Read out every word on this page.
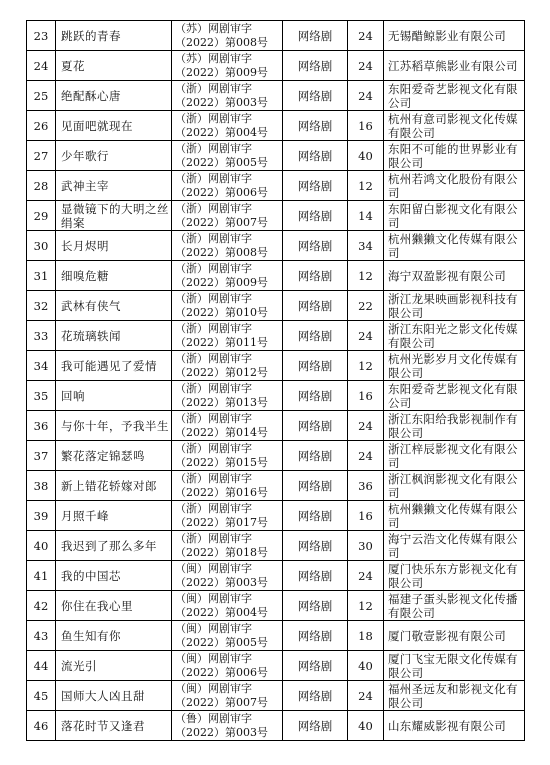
23	跳跃的青春	（苏）网剧审字
（2022）第008号	网络剧	24	无锡醋鲸影业有限公司
24	夏花	（苏）网剧审字
（2022）第009号	网络剧	24	江苏稻草熊影业有限公司
25	绝配酥心唐	（浙）网剧审字
（2022）第003号	网络剧	24	东阳爱奇艺影视文化有限公司
26	见面吧就现在	（浙）网剧审字
（2022）第004号	网络剧	16	杭州有意司影视文化传媒有限公司
27	少年歌行	（浙）网剧审字
（2022）第005号	网络剧	40	东阳不可能的世界影业有限公司
28	武神主宰	（浙）网剧审字
（2022）第006号	网络剧	12	杭州若鸿文化股份有限公司
29	显微镜下的大明之丝绢案	（浙）网剧审字
（2022）第007号	网络剧	14	东阳留白影视文化有限公司
30	长月烬明	（浙）网剧审字
（2022）第008号	网络剧	34	杭州獭獭文化传媒有限公司
31	细嗅危糖	（浙）网剧审字
（2022）第009号	网络剧	12	海宁双盈影视有限公司
32	武林有侠气	（浙）网剧审字
（2022）第010号	网络剧	22	浙江龙果映画影视科技有限公司
33	花琉璃轶闻	（浙）网剧审字
（2022）第011号	网络剧	24	浙江东阳光之影文化传媒有限公司
34	我可能遇见了爱情	（浙）网剧审字
（2022）第012号	网络剧	12	杭州光影岁月文化传媒有限公司
35	回响	（浙）网剧审字
（2022）第013号	网络剧	16	东阳爱奇艺影视文化有限公司
36	与你十年，予我半生	（浙）网剧审字
（2022）第014号	网络剧	24	浙江东阳给我影视制作有限公司
37	繁花落定锦瑟鸣	（浙）网剧审字
（2022）第015号	网络剧	24	浙江梓辰影视文化有限公司
38	新上错花轿嫁对郎	（浙）网剧审字
（2022）第016号	网络剧	36	浙江枫润影视文化有限公司
39	月照千峰	（浙）网剧审字
（2022）第017号	网络剧	16	杭州獭獭文化传媒有限公司
40	我迟到了那么多年	（浙）网剧审字
（2022）第018号	网络剧	30	海宁云浩文化传媒有限公司
41	我的中国芯	（闽）网剧审字
（2022）第003号	网络剧	24	厦门快乐东方影视文化有限公司
42	你住在我心里	（闽）网剧审字
（2022）第004号	网络剧	12	福建子蛋头影视文化传播有限公司
43	鱼生知有你	（闽）网剧审字
（2022）第005号	网络剧	18	厦门敬壹影视有限公司
44	流光引	（闽）网剧审字
（2022）第006号	网络剧	40	厦门飞宝无限文化传媒有限公司
45	国师大人凶且甜	（闽）网剧审字
（2022）第007号	网络剧	24	福州圣远友和影视文化有限公司
46	落花时节又逢君	（鲁）网剧审字
（2022）第003号	网络剧	40	山东耀威影视有限公司
